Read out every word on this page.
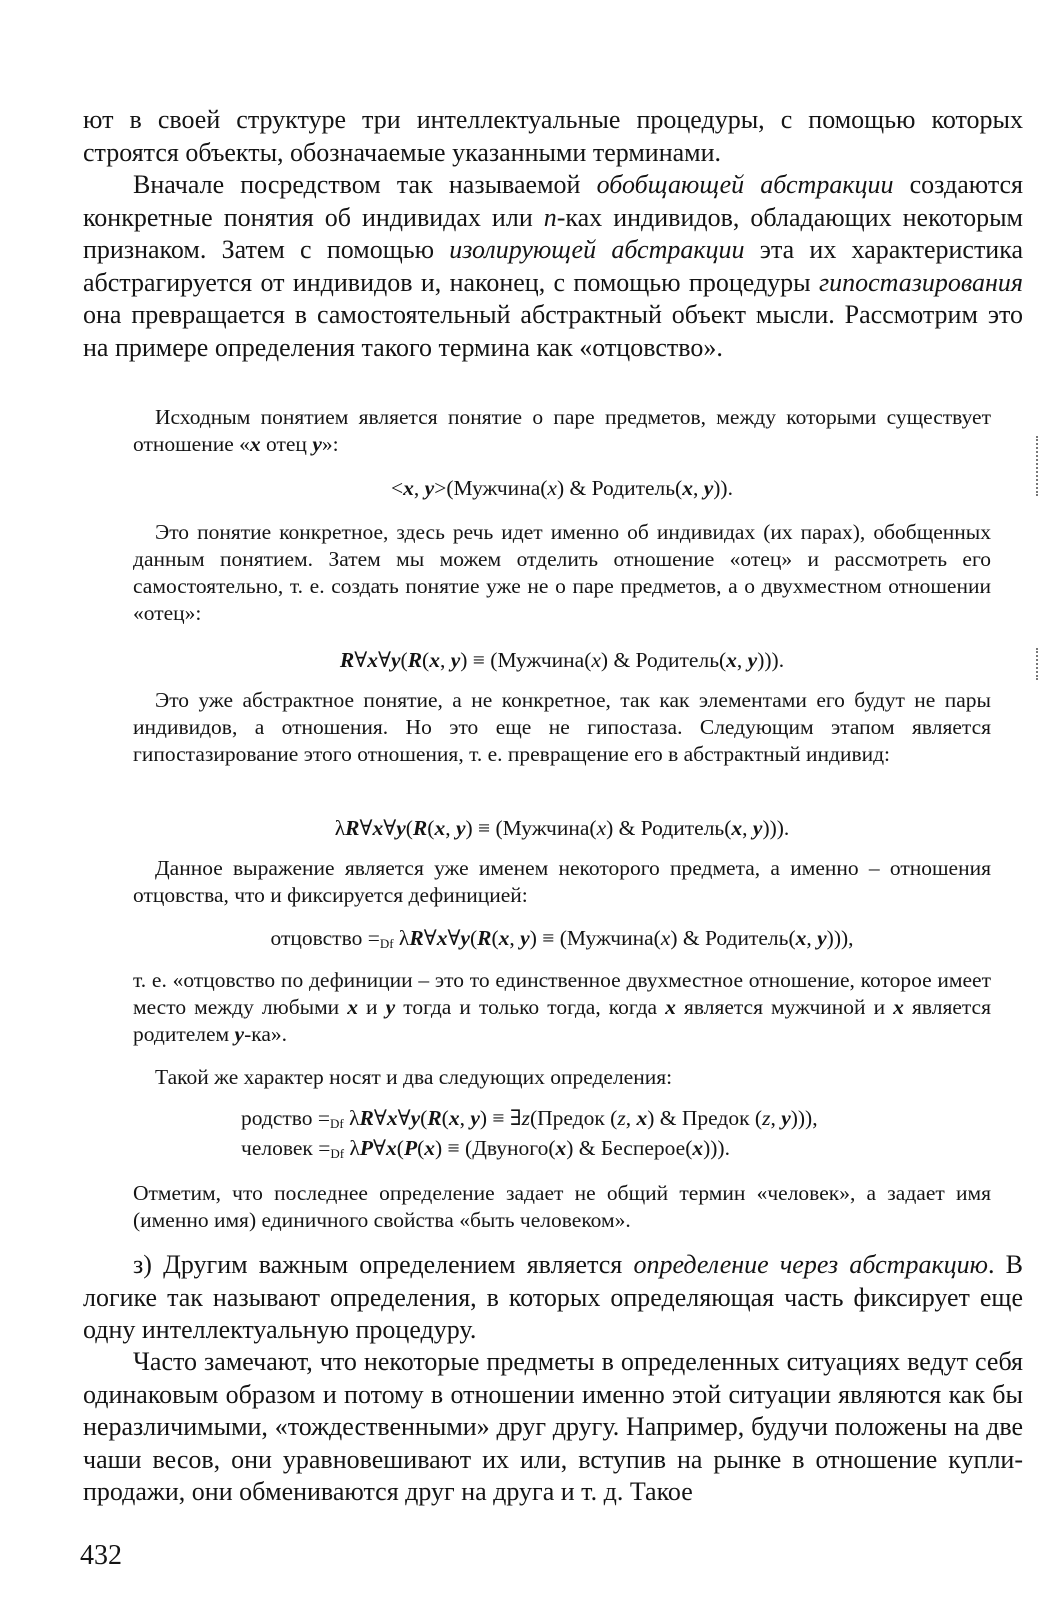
ют в своей структуре три интеллектуальные процедуры, с помощью которых строятся объекты, обозначаемые указанными терминами.

Вначале посредством так называемой обобщающей абстракции создаются конкретные понятия об индивидах или n-ках индивидов, обладающих некоторым признаком. Затем с помощью изолирующей абстракции эта их характеристика абстрагируется от индивидов и, наконец, с помощью процедуры гипостазирования она превращается в самостоятельный абстрактный объект мысли. Рассмотрим это на примере определения такого термина как «отцовство».

Исходным понятием является понятие о паре предметов, между которыми существует отношение «x отец y»:

<x, y>(Мужчина(x) & Родитель(x, y)).

Это понятие конкретное, здесь речь идет именно об индивидах (их парах), обобщенных данным понятием. Затем мы можем отделить отношение «отец» и рассмотреть его самостоятельно, т. е. создать понятие уже не о паре предметов, а о двухместном отношении «отец»:

R∀x∀y(R(x, y) ≡ (Мужчина(x) & Родитель(x, y))).

Это уже абстрактное понятие, а не конкретное, так как элементами его будут не пары индивидов, а отношения. Но это еще не гипостаза. Следующим этапом является гипостазирование этого отношения, т. е. превращение его в абстрактный индивид:

λR∀x∀y(R(x, y) ≡ (Мужчина(x) & Родитель(x, y))).

Данное выражение является уже именем некоторого предмета, а именно – отношения отцовства, что и фиксируется дефиницией:

отцовство $=_{Df}$ λR∀x∀y(R(x, y) ≡ (Мужчина(x) & Родитель(x, y))),

т. е. «отцовство по дефиниции – это то единственное двухместное отношение, которое имеет место между любыми x и y тогда и только тогда, когда x является мужчиной и x является родителем y-ка».

Такой же характер носят и два следующих определения:

родство $=_{Df}$ λR∀x∀y(R(x, y) ≡ ∃z(Предок (z, x) & Предок (z, y))),

человек $=_{Df}$ λP∀x(P(x) ≡ (Двуного(x) & Бесперое(x))).

Отметим, что последнее определение задает не общий термин «человек», а задает имя (именно имя) единичного свойства «быть человеком».

з) Другим важным определением является определение через абстракцию. В логике так называют определения, в которых определяющая часть фиксирует еще одну интеллектуальную процедуру.

Часто замечают, что некоторые предметы в определенных ситуациях ведут себя одинаковым образом и потому в отношении именно этой ситуации являются как бы неразличимыми, «тождественными» друг другу. Например, будучи положены на две чаши весов, они уравновешивают их или, вступив на рынке в отношение купли-продажи, они обмениваются друг на друга и т. д. Такое

432
